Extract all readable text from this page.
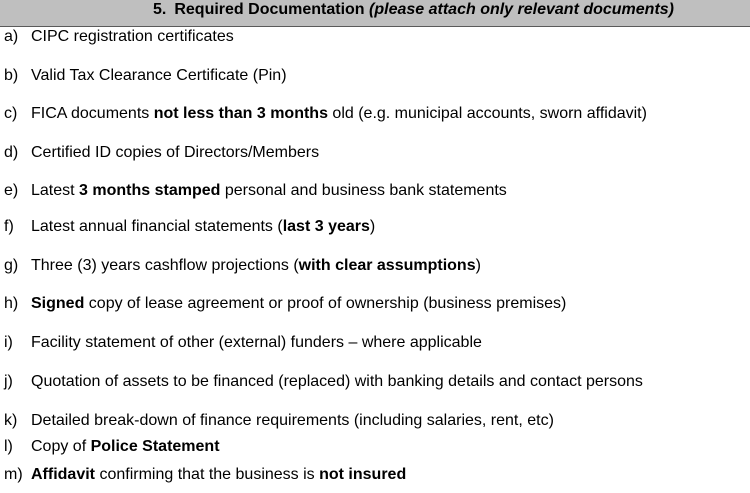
5. Required Documentation (please attach only relevant documents)
a) CIPC registration certificates
b) Valid Tax Clearance Certificate (Pin)
c) FICA documents not less than 3 months old (e.g. municipal accounts, sworn affidavit)
d) Certified ID copies of Directors/Members
e) Latest 3 months stamped personal and business bank statements
f) Latest annual financial statements (last 3 years)
g) Three (3) years cashflow projections (with clear assumptions)
h) Signed copy of lease agreement or proof of ownership (business premises)
i) Facility statement of other (external) funders – where applicable
j) Quotation of assets to be financed (replaced) with banking details and contact persons
k) Detailed break-down of finance requirements (including salaries, rent, etc)
l) Copy of Police Statement
m) Affidavit confirming that the business is not insured
